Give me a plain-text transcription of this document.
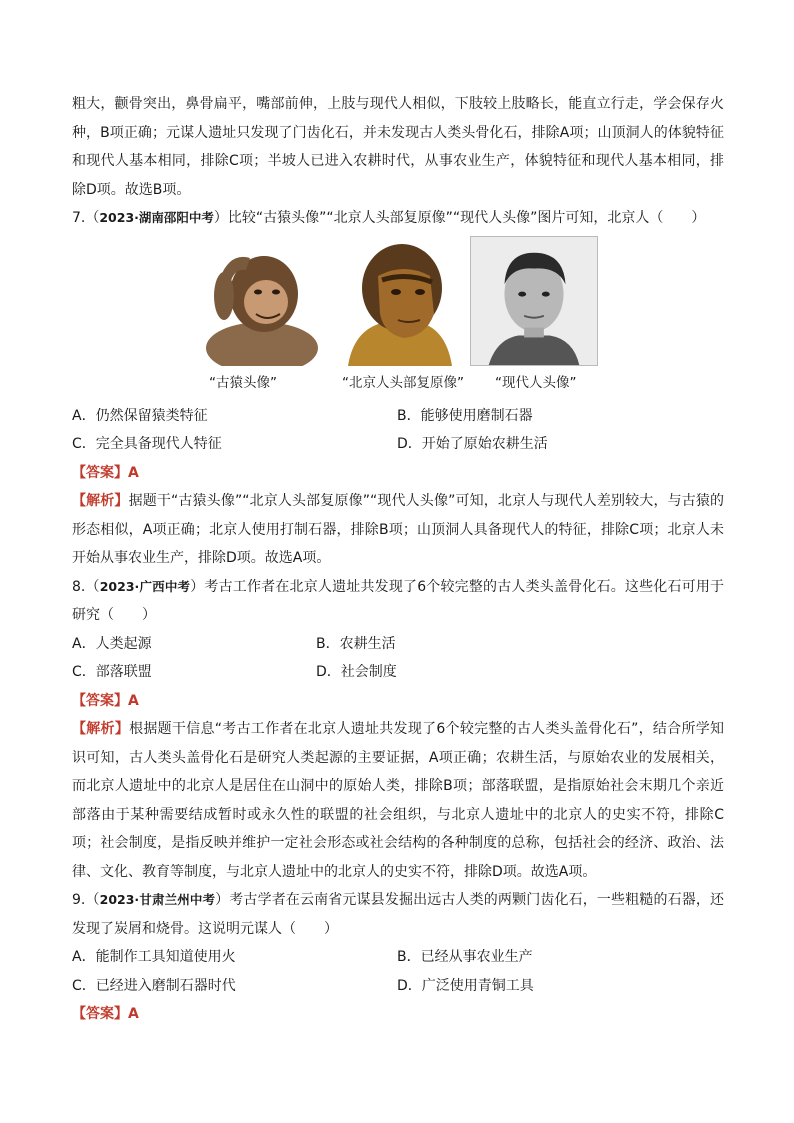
粗大，颧骨突出，鼻骨扁平，嘴部前伸，上肢与现代人相似，下肢较上肢略长，能直立行走，学会保存火种，B项正确；元谋人遗址只发现了门齿化石，并未发现古人类头骨化石，排除A项；山顶洞人的体貌特征和现代人基本相同，排除C项；半坡人已进入农耕时代，从事农业生产，体貌特征和现代人基本相同，排除D项。故选B项。

7.（2023·湖南邵阳中考）比较“古猿头像”“北京人头部复原像”“现代人头像”图片可知，北京人（　　）

“古猿头像”	“北京人头部复原像” “现代人头像”
A．仍然保留猿类特征	B．能够使用磨制石器
C．完全具备现代人特征	D．开始了原始农耕生活

【答案】A

【解析】据题干“古猿头像”“北京人头部复原像”“现代人头像”可知，北京人与现代人差别较大，与古猿的形态相似，A项正确；北京人使用打制石器，排除B项；山顶洞人具备现代人的特征，排除C项；北京人未开始从事农业生产，排除D项。故选A项。

8.（2023·广西中考）考古工作者在北京人遗址共发现了6个较完整的古人类头盖骨化石。这些化石可用于研究（　　）

A．人类起源	B．农耕生活
C．部落联盟	D．社会制度

【答案】A

【解析】根据题干信息“考古工作者在北京人遗址共发现了6个较完整的古人类头盖骨化石”，结合所学知识可知，古人类头盖骨化石是研究人类起源的主要证据，A项正确；农耕生活，与原始农业的发展相关，而北京人遗址中的北京人是居住在山洞中的原始人类，排除B项；部落联盟，是指原始社会末期几个亲近部落由于某种需要结成暂时或永久性的联盟的社会组织，与北京人遗址中的北京人的史实不符，排除C项；社会制度，是指反映并维护一定社会形态或社会结构的各种制度的总称，包括社会的经济、政治、法律、文化、教育等制度，与北京人遗址中的北京人的史实不符，排除D项。故选A项。

9.（2023·甘肃兰州中考）考古学者在云南省元谋县发掘出远古人类的两颗门齿化石，一些粗糙的石器，还发现了炭屑和烧骨。这说明元谋人（　　）

A．能制作工具知道使用火	B．已经从事农业生产
C．已经进入磨制石器时代	D．广泛使用青铜工具

【答案】A
